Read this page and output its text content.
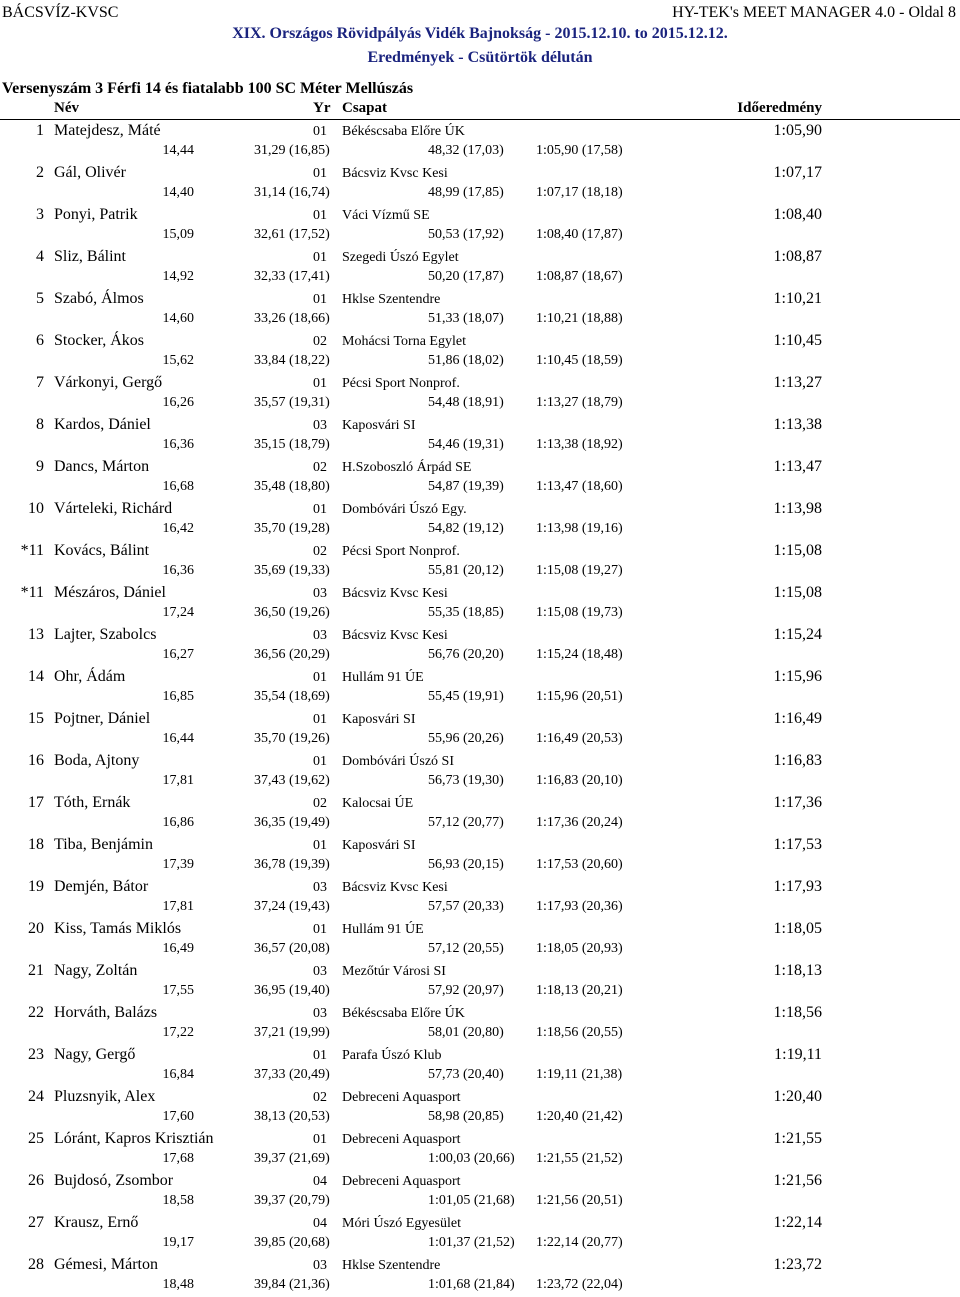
BÁCSVÍZ-KVSC	HY-TEK's MEET MANAGER 4.0 - Oldal 8
XIX. Országos Rövidpályás Vidék Bajnokság - 2015.12.10. to 2015.12.12.
Eredmények - Csütörtök délután
Versenyszám 3 Férfi 14 és fiatalabb 100 SC Méter Mellúszás
Név	Yr Csapat	Időeredmény
1 Matejdesz, Máté	01 Békéscsaba Előre ÚK	1:05,90
14,44	31,29 (16,85)	48,32 (17,03) 1:05,90 (17,58)
2 Gál, Olivér	01 Bácsviz Kvsc Kesi	1:07,17
14,40	31,14 (16,74)	48,99 (17,85) 1:07,17 (18,18)
3 Ponyi, Patrik	01 Váci Vízmű SE	1:08,40
15,09	32,61 (17,52)	50,53 (17,92) 1:08,40 (17,87)
4 Sliz, Bálint	01 Szegedi Úszó Egylet	1:08,87
14,92	32,33 (17,41)	50,20 (17,87) 1:08,87 (18,67)
5 Szabó, Álmos	01 Hklse Szentendre	1:10,21
14,60	33,26 (18,66)	51,33 (18,07) 1:10,21 (18,88)
6 Stocker, Ákos	02 Mohácsi Torna Egylet	1:10,45
15,62	33,84 (18,22)	51,86 (18,02) 1:10,45 (18,59)
7 Várkonyi, Gergő	01 Pécsi Sport Nonprof.	1:13,27
16,26	35,57 (19,31)	54,48 (18,91) 1:13,27 (18,79)
8 Kardos, Dániel	03 Kaposvári SI	1:13,38
16,36	35,15 (18,79)	54,46 (19,31) 1:13,38 (18,92)
9 Dancs, Márton	02 H.Szoboszló Árpád SE	1:13,47
16,68	35,48 (18,80)	54,87 (19,39) 1:13,47 (18,60)
10 Várteleki, Richárd	01 Dombóvári Úszó Egy.	1:13,98
16,42	35,70 (19,28)	54,82 (19,12) 1:13,98 (19,16)
*11 Kovács, Bálint	02 Pécsi Sport Nonprof.	1:15,08
16,36	35,69 (19,33)	55,81 (20,12) 1:15,08 (19,27)
*11 Mészáros, Dániel	03 Bácsviz Kvsc Kesi	1:15,08
17,24	36,50 (19,26)	55,35 (18,85) 1:15,08 (19,73)
13 Lajter, Szabolcs	03 Bácsviz Kvsc Kesi	1:15,24
16,27	36,56 (20,29)	56,76 (20,20) 1:15,24 (18,48)
14 Ohr, Ádám	01 Hullám 91 ÚE	1:15,96
16,85	35,54 (18,69)	55,45 (19,91) 1:15,96 (20,51)
15 Pojtner, Dániel	01 Kaposvári SI	1:16,49
16,44	35,70 (19,26)	55,96 (20,26) 1:16,49 (20,53)
16 Boda, Ajtony	01 Dombóvári Úszó SI	1:16,83
17,81	37,43 (19,62)	56,73 (19,30) 1:16,83 (20,10)
17 Tóth, Ernák	02 Kalocsai ÚE	1:17,36
16,86	36,35 (19,49)	57,12 (20,77) 1:17,36 (20,24)
18 Tiba, Benjámin	01 Kaposvári SI	1:17,53
17,39	36,78 (19,39)	56,93 (20,15) 1:17,53 (20,60)
19 Demjén, Bátor	03 Bácsviz Kvsc Kesi	1:17,93
17,81	37,24 (19,43)	57,57 (20,33) 1:17,93 (20,36)
20 Kiss, Tamás Miklós	01 Hullám 91 ÚE	1:18,05
16,49	36,57 (20,08)	57,12 (20,55) 1:18,05 (20,93)
21 Nagy, Zoltán	03 Mezőtúr Városi SI	1:18,13
17,55	36,95 (19,40)	57,92 (20,97) 1:18,13 (20,21)
22 Horváth, Balázs	03 Békéscsaba Előre ÚK	1:18,56
17,22	37,21 (19,99)	58,01 (20,80) 1:18,56 (20,55)
23 Nagy, Gergő	01 Parafa Úszó Klub	1:19,11
16,84	37,33 (20,49)	57,73 (20,40) 1:19,11 (21,38)
24 Pluzsnyik, Alex	02 Debreceni Aquasport	1:20,40
17,60	38,13 (20,53)	58,98 (20,85) 1:20,40 (21,42)
25 Lóránt, Kapros Krisztián	01 Debreceni Aquasport	1:21,55
17,68	39,37 (21,69)	1:00,03 (20,66) 1:21,55 (21,52)
26 Bujdosó, Zsombor	04 Debreceni Aquasport	1:21,56
18,58	39,37 (20,79)	1:01,05 (21,68) 1:21,56 (20,51)
27 Krausz, Ernő	04 Móri Úszó Egyesület	1:22,14
19,17	39,85 (20,68)	1:01,37 (21,52) 1:22,14 (20,77)
28 Gémesi, Márton	03 Hklse Szentendre	1:23,72
18,48	39,84 (21,36)	1:01,68 (21,84) 1:23,72 (22,04)
